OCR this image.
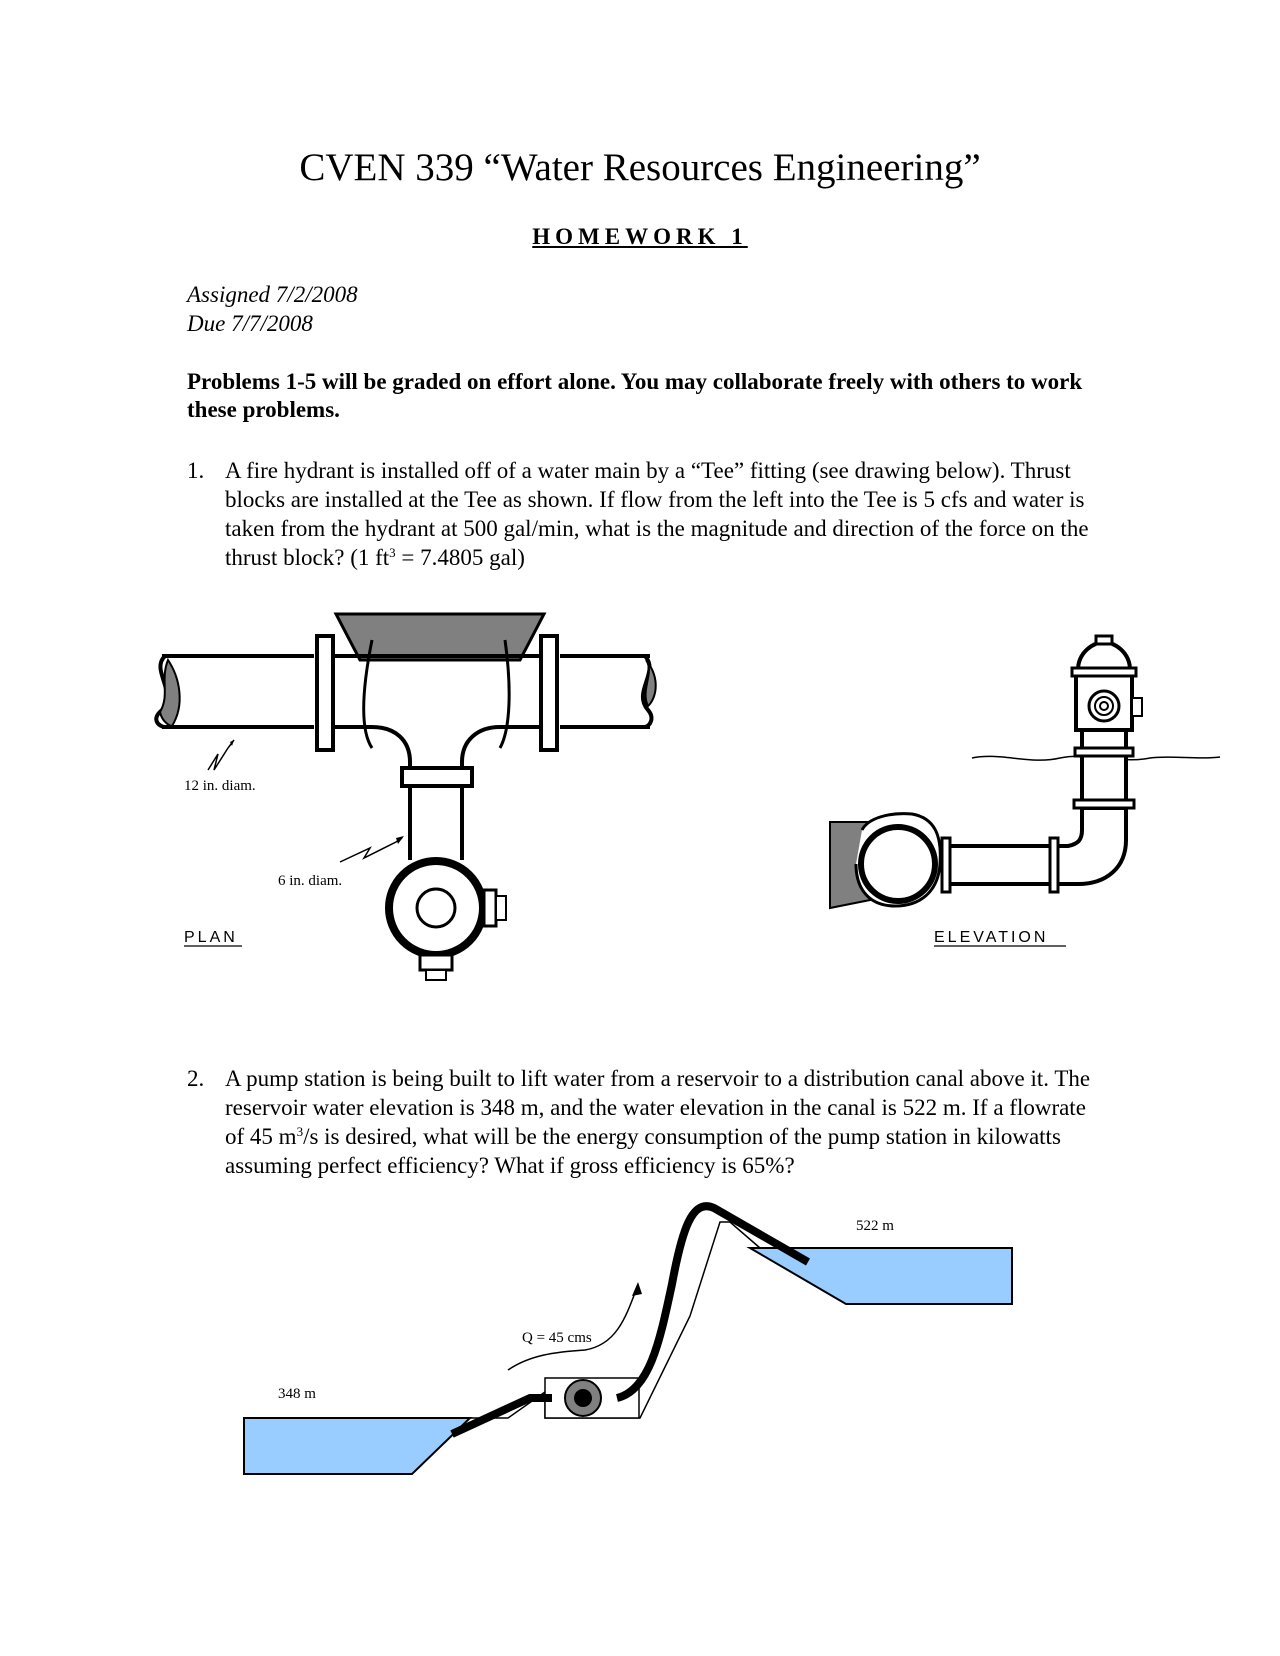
CVEN 339 “Water Resources Engineering”
HOMEWORK 1
Assigned 7/2/2008
Due 7/7/2008
Problems 1-5 will be graded on effort alone. You may collaborate freely with others to work these problems.
1. A fire hydrant is installed off of a water main by a “Tee” fitting (see drawing below). Thrust blocks are installed at the Tee as shown. If flow from the left into the Tee is 5 cfs and water is taken from the hydrant at 500 gal/min, what is the magnitude and direction of the force on the thrust block? (1 $ft^3 = 7.4805$ gal)
12 in. diam.
6 in. diam.
PLAN	ELEVATION
2. A pump station is being built to lift water from a reservoir to a distribution canal above it. The reservoir water elevation is 348 m, and the water elevation in the canal is 522 m. If a flowrate of 45 $m^3/s$ is desired, what will be the energy consumption of the pump station in kilowatts assuming perfect efficiency? What if gross efficiency is 65%?
522 m
Q = 45 cms
348 m
